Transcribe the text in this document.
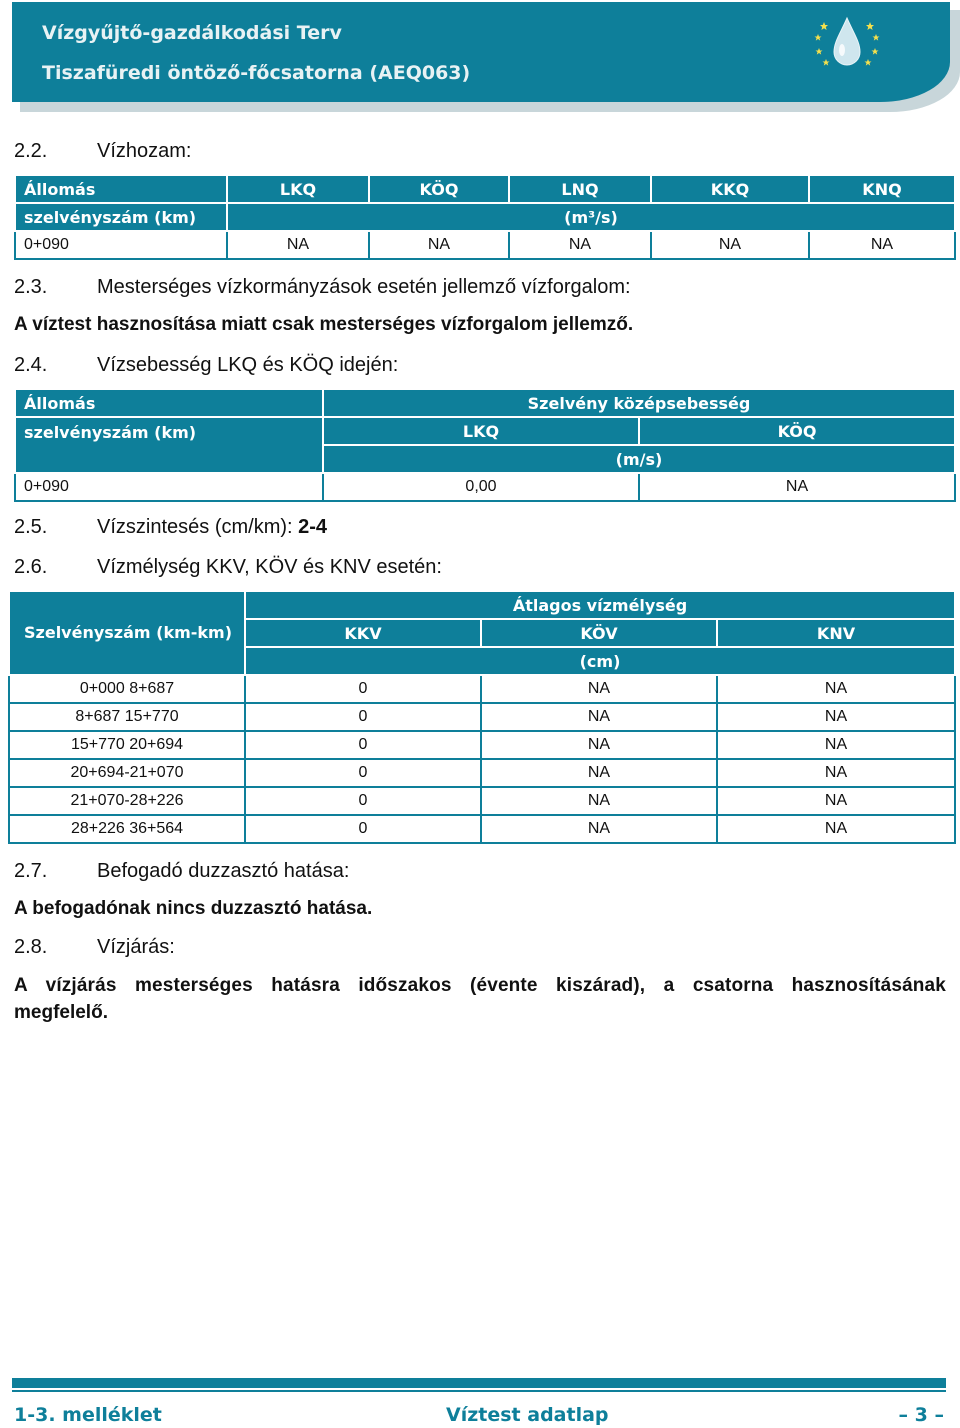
Vízgyűjtő-gazdálkodási Terv
Tiszafüredi öntöző-főcsatorna (AEQ063)
2.2. Vízhozam:
Állomás	LKQ	KÖQ	LNQ	KKQ	KNQ
szelvényszám (km)	(m³/s)				
0+090	NA	NA	NA	NA	NA
2.3. Mesterséges vízkormányzások esetén jellemző vízforgalom:
A víztest hasznosítása miatt csak mesterséges vízforgalom jellemző.
2.4. Vízsebesség LKQ és KÖQ idején:
Állomás	Szelvény középsebesség	
szelvényszám (km)	LKQ	KÖQ
	(m/s)	
0+090	0,00	NA
2.5. Vízszintesés (cm/km): 2-4
2.6. Vízmélység KKV, KÖV és KNV esetén:
Szelvényszám (km-km)	Átlagos vízmélység		
	KKV	KÖV	KNV
	(cm)		
0+000 8+687	0	NA	NA
8+687 15+770	0	NA	NA
15+770 20+694	0	NA	NA
20+694-21+070	0	NA	NA
21+070-28+226	0	NA	NA
28+226 36+564	0	NA	NA
2.7. Befogadó duzzasztó hatása:
A befogadónak nincs duzzasztó hatása.
2.8. Vízjárás:
A vízjárás mesterséges hatásra időszakos (évente kiszárad), a csatorna hasznosításának
megfelelő.
1-3. melléklet	Víztest adatlap	– 3 –
